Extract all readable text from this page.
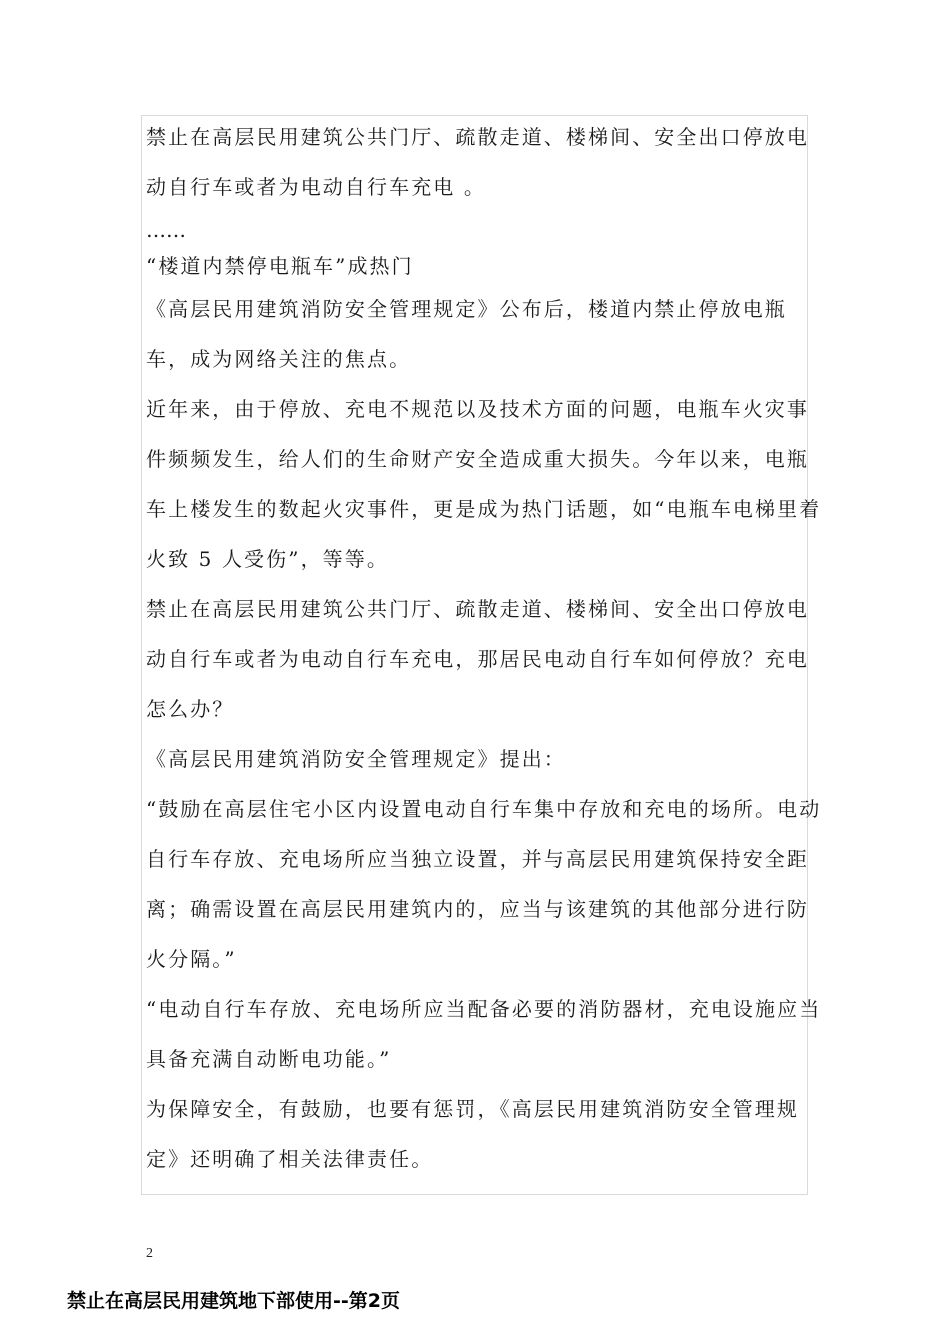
禁止在高层民用建筑公共门厅、疏散走道、楼梯间、安全出口停放电
动自行车或者为电动自行车充电 。
……
“楼道内禁停电瓶车”成热门
《高层民用建筑消防安全管理规定》公布后，楼道内禁止停放电瓶
车，成为网络关注的焦点。
近年来，由于停放、充电不规范以及技术方面的问题，电瓶车火灾事
件频频发生，给人们的生命财产安全造成重大损失。今年以来，电瓶
车上楼发生的数起火灾事件，更是成为热门话题，如“电瓶车电梯里着
火致 5 人受伤”，等等。
禁止在高层民用建筑公共门厅、疏散走道、楼梯间、安全出口停放电
动自行车或者为电动自行车充电，那居民电动自行车如何停放？充电
怎么办？
《高层民用建筑消防安全管理规定》提出：
“鼓励在高层住宅小区内设置电动自行车集中存放和充电的场所。电动
自行车存放、充电场所应当独立设置，并与高层民用建筑保持安全距
离；确需设置在高层民用建筑内的，应当与该建筑的其他部分进行防
火分隔。”
“电动自行车存放、充电场所应当配备必要的消防器材，充电设施应当
具备充满自动断电功能。”
为保障安全，有鼓励，也要有惩罚，《高层民用建筑消防安全管理规
定》还明确了相关法律责任。
2
禁止在高层民用建筑地下部使用--第2页
